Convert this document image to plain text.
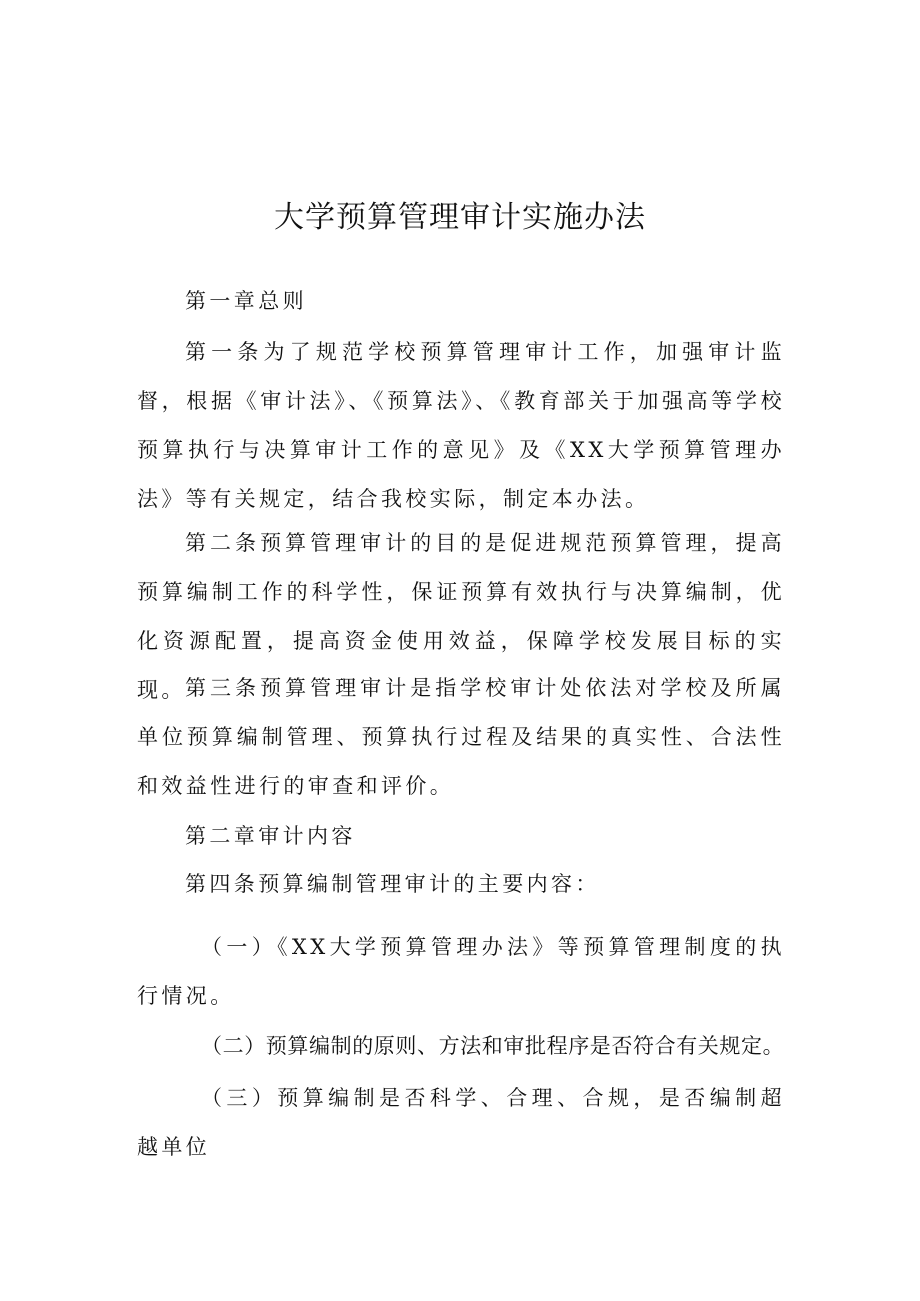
大学预算管理审计实施办法

第一章总则

第一条为了规范学校预算管理审计工作，加强审计监督，根据《审计法》、《预算法》、《教育部关于加强高等学校预算执行与决算审计工作的意见》及《XX大学预算管理办法》等有关规定，结合我校实际，制定本办法。

第二条预算管理审计的目的是促进规范预算管理，提高预算编制工作的科学性，保证预算有效执行与决算编制，优化资源配置，提高资金使用效益，保障学校发展目标的实现。 第三条预算管理审计是指学校审计处依法对学校及所属单位预算编制管理、预算执行过程及结果的真实性、合法性和效益性进行的审查和评价。

第二章审计内容

第四条预算编制管理审计的主要内容：

（一）《XX大学预算管理办法》等预算管理制度的执行情况。

（二）预算编制的原则、方法和审批程序是否符合有关规定。

（三）预算编制是否科学、合理、合规，是否编制超越单位
